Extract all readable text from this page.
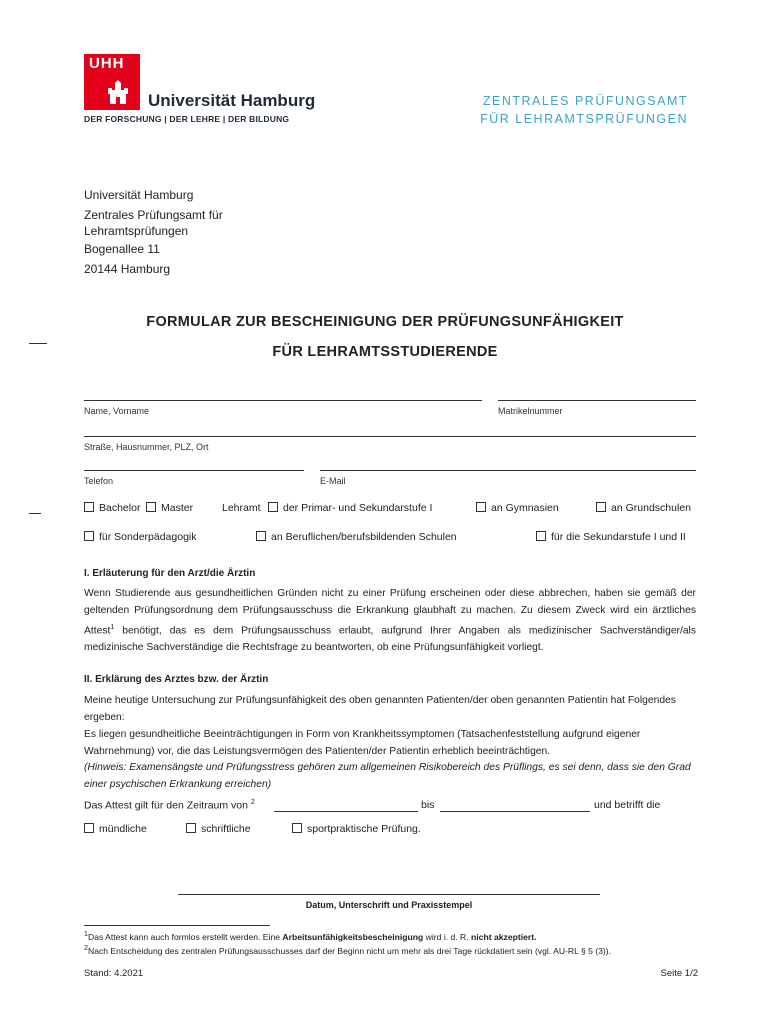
UHH
Universität Hamburg
DER FORSCHUNG | DER LEHRE | DER BILDUNG
ZENTRALES PRÜFUNGSAMT
FÜR LEHRAMTSPRÜFUNGEN
Universität Hamburg
Zentrales Prüfungsamt für
Lehramtsprüfungen
Bogenallee 11
20144 Hamburg
FORMULAR ZUR BESCHEINIGUNG DER PRÜFUNGSUNFÄHIGKEIT
FÜR LEHRAMTSSTUDIERENDE
Name, Vorname	Matrikelnummer
Straße, Hausnummer, PLZ, Ort
Telefon	E-Mail
Bachelor	Master	Lehramt	der Primar- und Sekundarstufe I	an Gymnasien	an Grundschulen
für Sonderpädagogik	an Beruflichen/berufsbildenden Schulen	für die Sekundarstufe I und II
I. Erläuterung für den Arzt/die Ärztin
Wenn Studierende aus gesundheitlichen Gründen nicht zu einer Prüfung erscheinen oder diese abbrechen, haben sie gemäß der geltenden Prüfungsordnung dem Prüfungsausschuss die Erkrankung glaubhaft zu machen. Zu diesem Zweck wird ein ärztliches Attest$^1$ benötigt, das es dem Prüfungsausschuss erlaubt, aufgrund Ihrer Angaben als medizinischer Sachverständiger/als medizinische Sachverständige die Rechtsfrage zu beantworten, ob eine Prüfungsunfähigkeit vorliegt.
II. Erklärung des Arztes bzw. der Ärztin
Meine heutige Untersuchung zur Prüfungsunfähigkeit des oben genannten Patienten/der oben genannten Patientin hat Folgendes ergeben:
Es liegen gesundheitliche Beeinträchtigungen in Form von Krankheitssymptomen (Tatsachenfeststellung aufgrund eigener Wahrnehmung) vor, die das Leistungsvermögen des Patienten/der Patientin erheblich beeinträchtigen.
(Hinweis: Examensängste und Prüfungsstress gehören zum allgemeinen Risikobereich des Prüflings, es sei denn, dass sie den Grad einer psychischen Erkrankung erreichen)
Das Attest gilt für den Zeitraum von $^2$	bis	und betrifft die
mündliche	schriftliche	sportpraktische Prüfung.
Datum, Unterschrift und Praxisstempel
$^1$Das Attest kann auch formlos erstellt werden. Eine Arbeitsunfähigkeitsbescheinigung wird i. d. R. nicht akzeptiert.
$^2$Nach Entscheidung des zentralen Prüfungsausschusses darf der Beginn nicht um mehr als drei Tage rückdatiert sein (vgl. AU-RL § 5 (3)).
Stand: 4.2021	Seite 1/2
